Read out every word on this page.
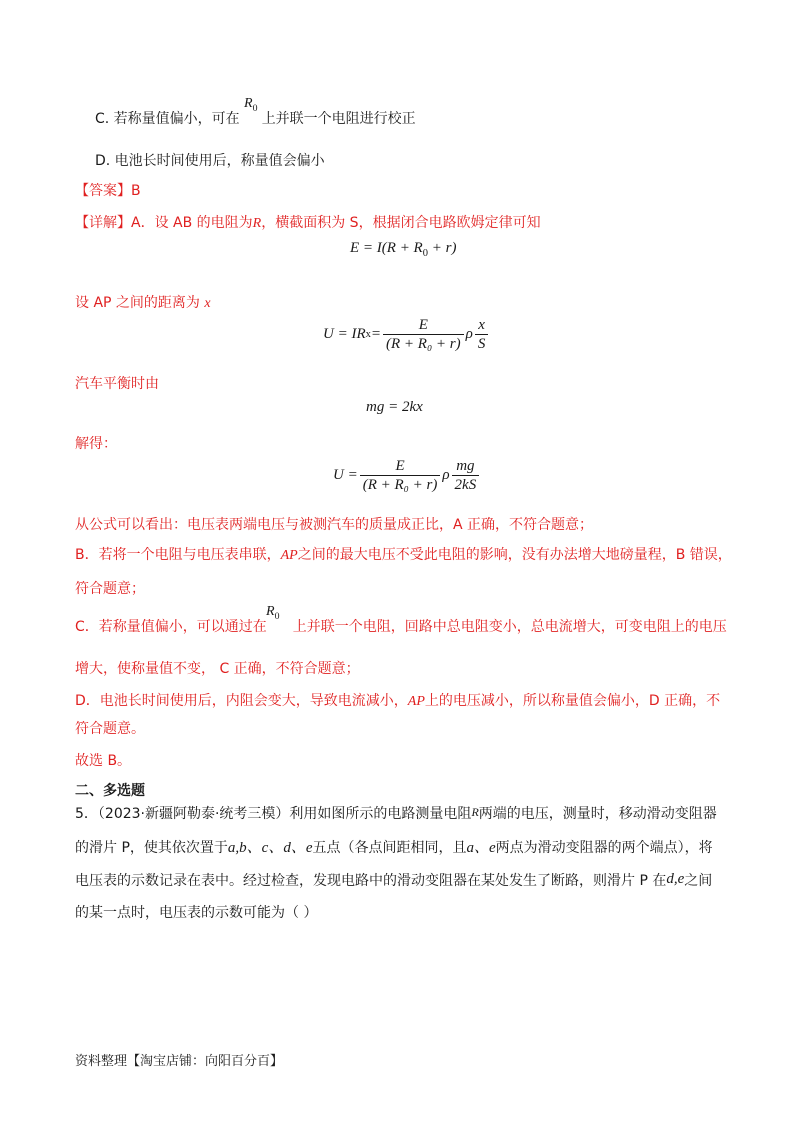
C. 若称量值偏小，可在 上并联一个电阻进行校正
$R_0$
D. 电池长时间使用后，称量值会偏小
【答案】B
【详解】A．设 AB 的电阻为R，横截面积为 S，根据闭合电路欧姆定律可知
$E = I(R + R_0 + r)$
设 AP 之间的距离为 x
U = IR $x = \frac{E}{\text{(R + R₀ + r)}}$ ρ $\frac{x}{S}$
汽车平衡时由
mg = 2kx
解得：
$U = \frac{E}{\text{(R + R₀ + r)}}$ ρ $\frac{mg}{2kS}$
从公式可以看出：电压表两端电压与被测汽车的质量成正比，A 正确，不符合题意；
B．若将一个电阻与电压表串联，AP之间的最大电压不受此电阻的影响，没有办法增大地磅量程，B 错误，
符合题意；
C．若称量值偏小，可以通过在 上并联一个电阻，回路中总电阻变小，总电流增大，可变电阻上的电压
$R_0$
增大，使称量值不变， C 正确，不符合题意；
D．电池长时间使用后，内阻会变大，导致电流减小，AP上的电压减小，所以称量值会偏小，D 正确，不
符合题意。
故选 B。
二、多选题
5．（2023·新疆阿勒泰·统考三模）利用如图所示的电路测量电阻R两端的电压，测量时，移动滑动变阻器
的滑片 P，使其依次置于a,b、c、d、e五点（各点间距相同，且a、e两点为滑动变阻器的两个端点），将
电压表的示数记录在表中。经过检查，发现电路中的滑动变阻器在某处发生了断路，则滑片 P 在d,e之间
的某一点时，电压表的示数可能为（ ）
资料整理【淘宝店铺：向阳百分百】
